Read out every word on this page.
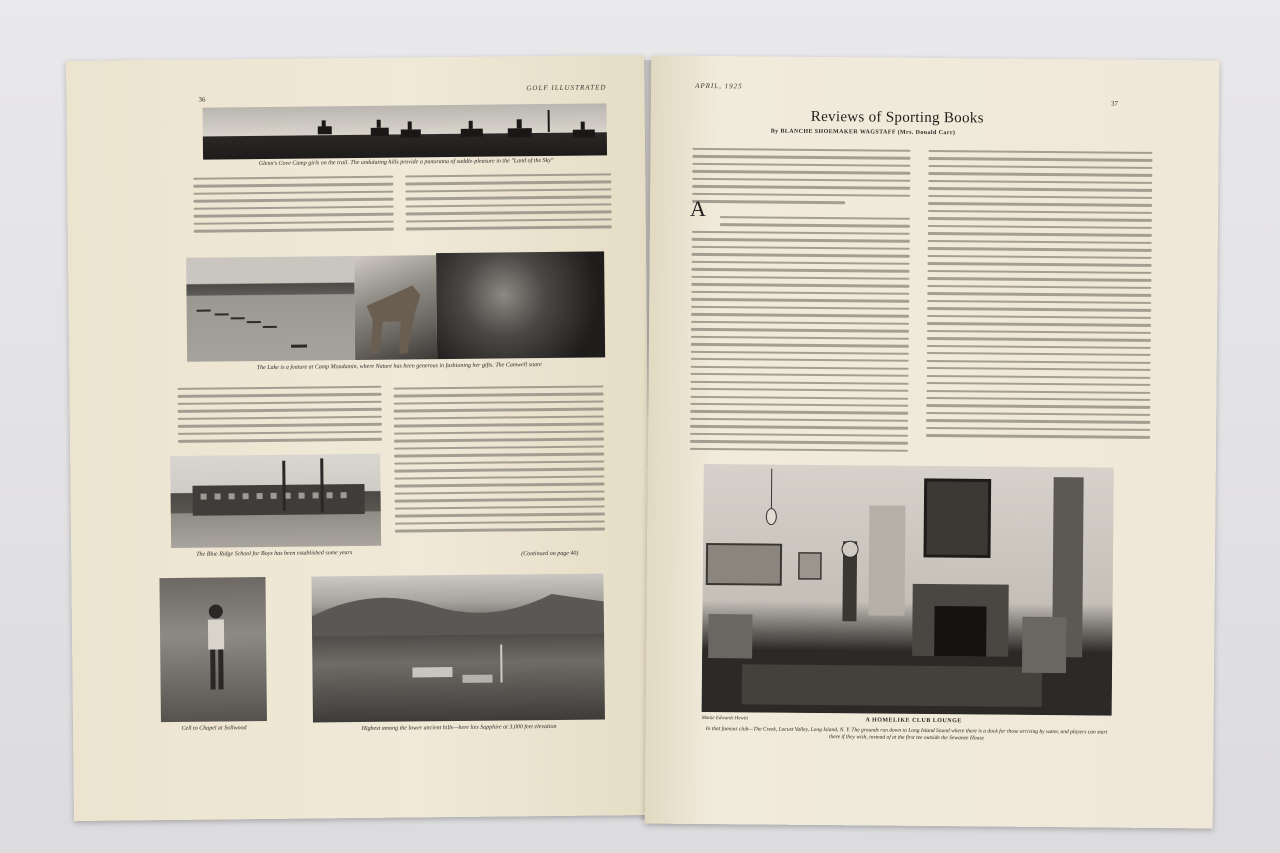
36
GOLF ILLUSTRATED
Glenn's Cove Camp girls on the trail. The undulating hills provide a panorama of saddle-pleasure in the "Land of the Sky"
The Lake is a feature at Camp Mondamin, where Nature has been generous in fashioning her gifts. The Camwell snare
The Blue Ridge School for Boys has been established some years	(Continued on page 40)
Cell to Chapel at Sollwood	Highest among the lower ancient hills—here lies Sapphire at 3,000 feet elevation
APRIL, 1925
37
Reviews of Sporting Books
By BLANCHE SHOEMAKER WAGSTAFF (Mrs. Donald Carr)
A
Mattie Edwards Hewitt	A HOMELIKE CLUB LOUNGE
In that famous club—The Creek, Locust Valley, Long Island, N. Y. The grounds run down to Long Island Sound where there is a dock for those arriving by water, and players can start there if they wish, instead of at the first tee outside the Sewanee House
